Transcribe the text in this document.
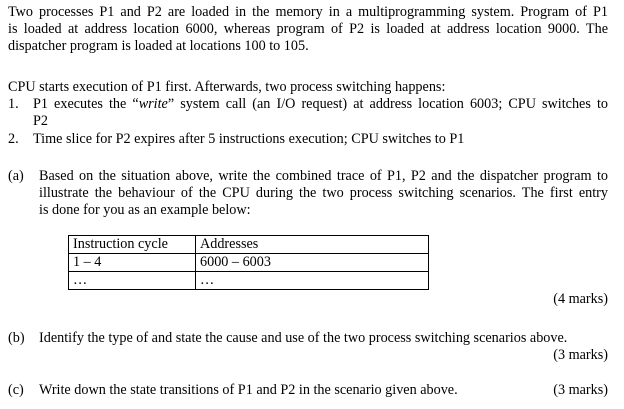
Two processes P1 and P2 are loaded in the memory in a multiprogramming system. Program of P1
is loaded at address location 6000, whereas program of P2 is loaded at address location 9000. The
dispatcher program is loaded at locations 100 to 105.
CPU starts execution of P1 first. Afterwards, two process switching happens:
1. P1 executes the “write” system call (an I/O request) at address location 6003; CPU switches to
P2
2. Time slice for P2 expires after 5 instructions execution; CPU switches to P1
(a) Based on the situation above, write the combined trace of P1, P2 and the dispatcher program to
illustrate the behaviour of the CPU during the two process switching scenarios. The first entry
is done for you as an example below:
Instruction cycle	Addresses
1 – 4	6000 – 6003
…	…
(4 marks)
(b) Identify the type of and state the cause and use of the two process switching scenarios above.
(3 marks)
(c) Write down the state transitions of P1 and P2 in the scenario given above.	(3 marks)
